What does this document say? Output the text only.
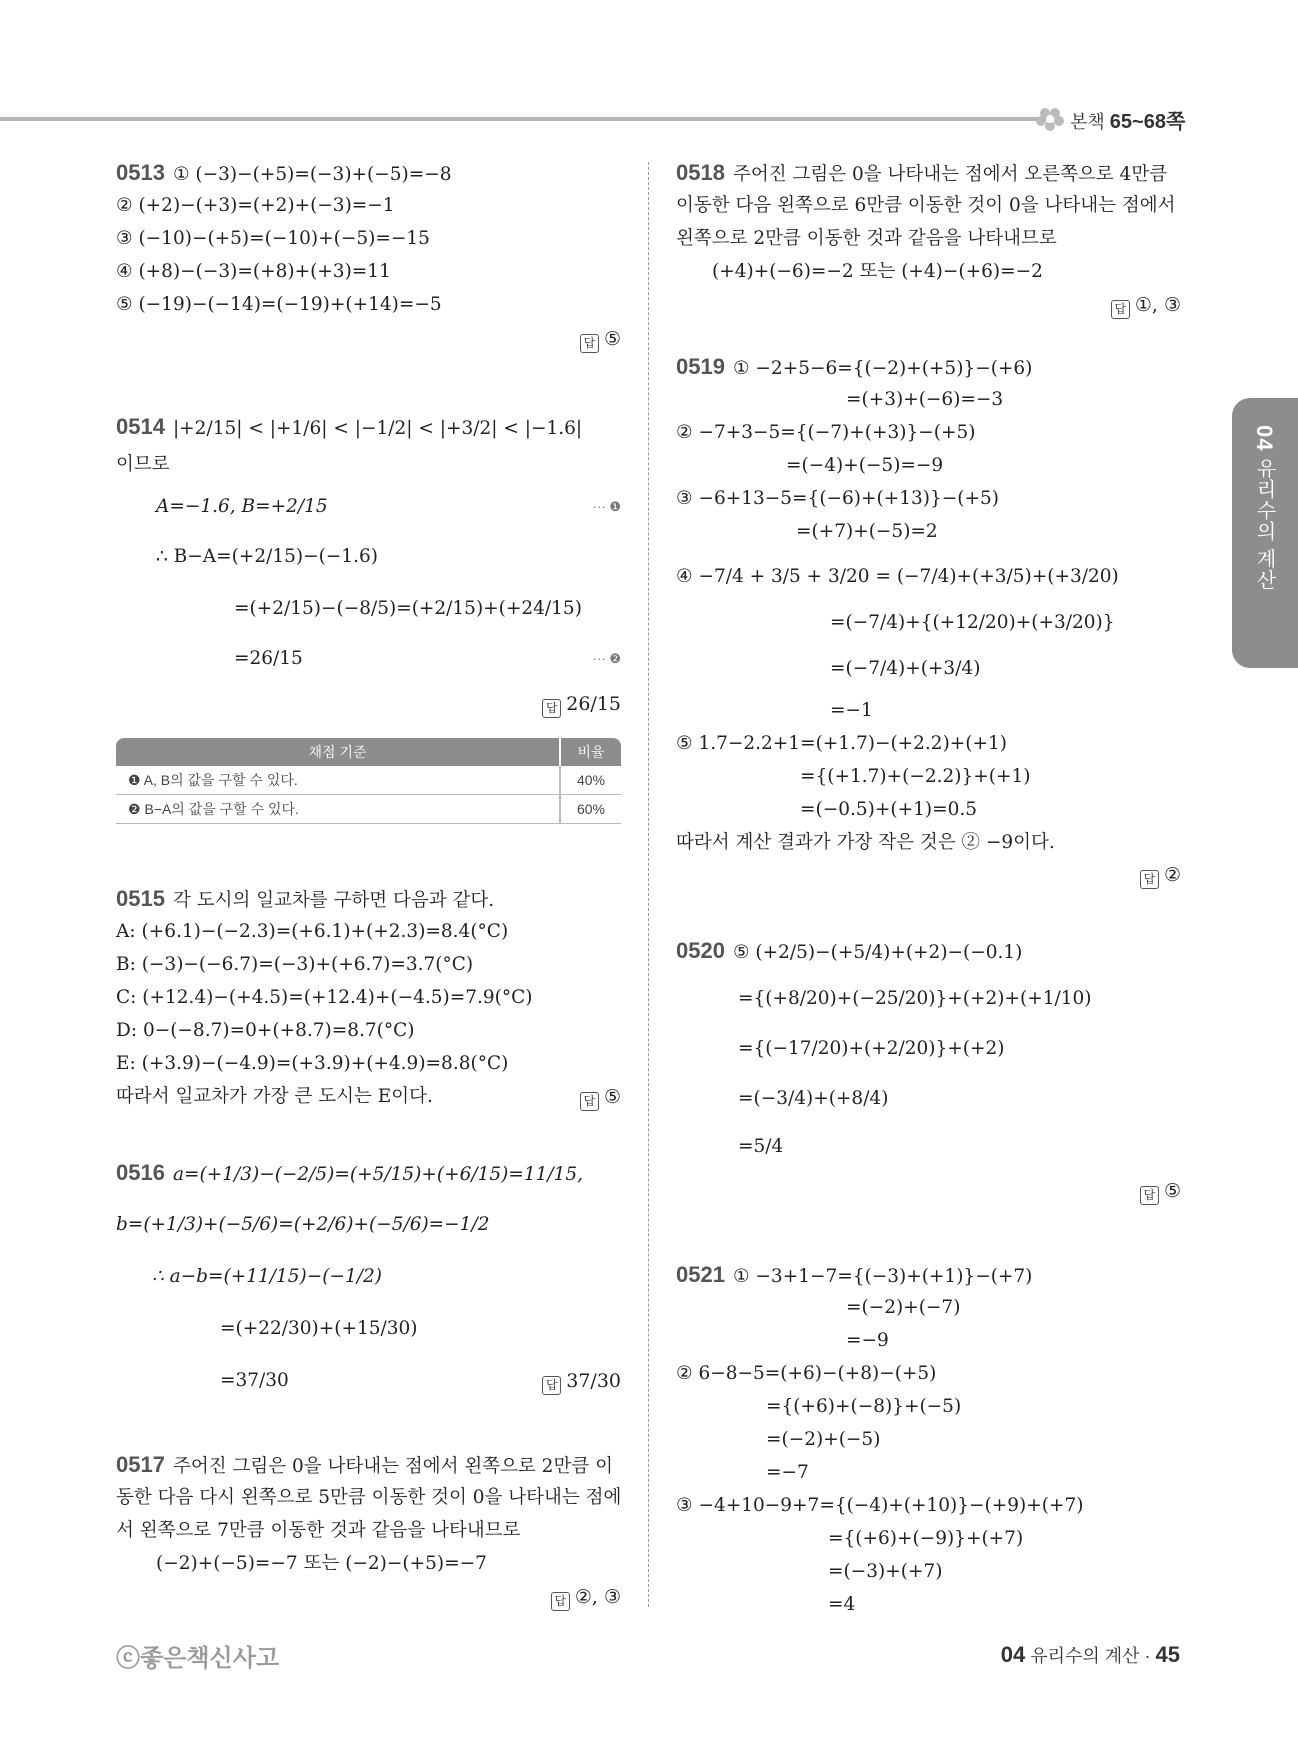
본책 65~68쪽
04 유리수의 계산
0513 ① (−3)−(+5)=(−3)+(−5)=−8
② (+2)−(+3)=(+2)+(−3)=−1
③ (−10)−(+5)=(−10)+(−5)=−15
④ (+8)−(−3)=(+8)+(+3)=11
⑤ (−19)−(−14)=(−19)+(+14)=−5
답 ⑤
0514 |+2/15| < |+1/6| < |−1/2| < |+3/2| < |−1.6|
이므로
A=−1.6, B=+2/15	··· ❶
∴ B−A=(+2/15)−(−1.6)
=(+2/15)−(−8/5)=(+2/15)+(+24/15)
=26/15	··· ❷
답 26/15
채점 기준	비율
❶ A, B의 값을 구할 수 있다.	40%
❷ B−A의 값을 구할 수 있다.	60%
0515 각 도시의 일교차를 구하면 다음과 같다.
A: (+6.1)−(−2.3)=(+6.1)+(+2.3)=8.4(°C)
B: (−3)−(−6.7)=(−3)+(+6.7)=3.7(°C)
C: (+12.4)−(+4.5)=(+12.4)+(−4.5)=7.9(°C)
D: 0−(−8.7)=0+(+8.7)=8.7(°C)
E: (+3.9)−(−4.9)=(+3.9)+(+4.9)=8.8(°C)
따라서 일교차가 가장 큰 도시는 E이다.	답 ⑤
0516 a=(+1/3)−(−2/5)=(+5/15)+(+6/15)=11/15,
b=(+1/3)+(−5/6)=(+2/6)+(−5/6)=−1/2
∴ a−b=(+11/15)−(−1/2)
=(+22/30)+(+15/30)
=37/30	답 37/30
0517 주어진 그림은 0을 나타내는 점에서 왼쪽으로 2만큼 이
동한 다음 다시 왼쪽으로 5만큼 이동한 것이 0을 나타내는 점에
서 왼쪽으로 7만큼 이동한 것과 같음을 나타내므로
(−2)+(−5)=−7 또는 (−2)−(+5)=−7
답 ②, ③
0518 주어진 그림은 0을 나타내는 점에서 오른쪽으로 4만큼
이동한 다음 왼쪽으로 6만큼 이동한 것이 0을 나타내는 점에서
왼쪽으로 2만큼 이동한 것과 같음을 나타내므로
(+4)+(−6)=−2 또는 (+4)−(+6)=−2
답 ①, ③
0519 ① −2+5−6={(−2)+(+5)}−(+6)
=(+3)+(−6)=−3
② −7+3−5={(−7)+(+3)}−(+5)
=(−4)+(−5)=−9
③ −6+13−5={(−6)+(+13)}−(+5)
=(+7)+(−5)=2
④ −7/4 + 3/5 + 3/20 = (−7/4)+(+3/5)+(+3/20)
=(−7/4)+{(+12/20)+(+3/20)}
=(−7/4)+(+3/4)
=−1
⑤ 1.7−2.2+1=(+1.7)−(+2.2)+(+1)
={(+1.7)+(−2.2)}+(+1)
=(−0.5)+(+1)=0.5
따라서 계산 결과가 가장 작은 것은 ② −9이다.
답 ②
0520 ⑤ (+2/5)−(+5/4)+(+2)−(−0.1)
={(+8/20)+(−25/20)}+(+2)+(+1/10)
={(−17/20)+(+2/20)}+(+2)
=(−3/4)+(+8/4)
=5/4
답 ⑤
0521 ① −3+1−7={(−3)+(+1)}−(+7)
=(−2)+(−7)
=−9
② 6−8−5=(+6)−(+8)−(+5)
={(+6)+(−8)}+(−5)
=(−2)+(−5)
=−7
③ −4+10−9+7={(−4)+(+10)}−(+9)+(+7)
={(+6)+(−9)}+(+7)
=(−3)+(+7)
=4
ⓒ좋은책신사고	04 유리수의 계산 · 45
